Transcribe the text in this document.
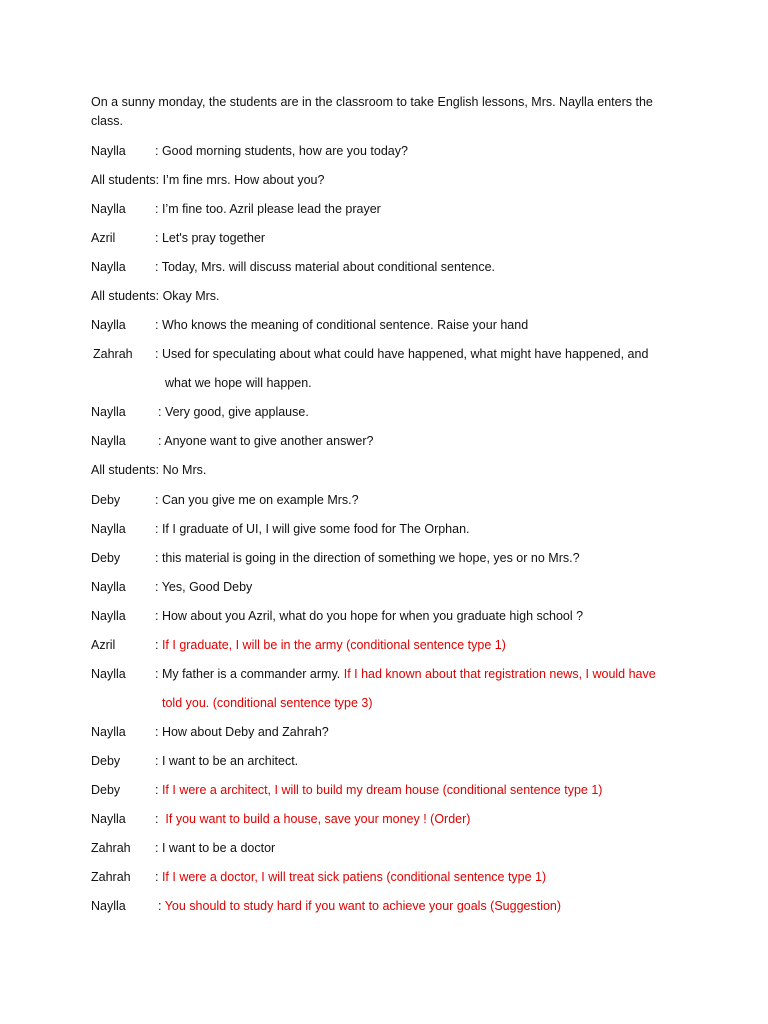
On a sunny monday, the students are in the classroom to take English lessons, Mrs. Naylla enters the class.
Naylla : Good morning students, how are you today?
All students: I’m fine mrs. How about you?
Naylla : I’m fine too. Azril please lead the prayer
Azril	: Let's pray together
Naylla : Today, Mrs. will discuss material about conditional sentence.
All students: Okay Mrs.
Naylla : Who knows the meaning of conditional sentence. Raise your hand
Zahrah : Used for speculating about what could have happened, what might have happened, and
Naylla	: Very good, give applause.
Naylla	: Anyone want to give another answer?
All students: No Mrs.
Deby	: Can you give me on example Mrs.?
Naylla : If I graduate of UI, I will give some food for The Orphan.
Deby	: this material is going in the direction of something we hope, yes or no Mrs.?
Naylla : Yes, Good Deby
Naylla : How about you Azril, what do you hope for when you graduate high school ?
Azril	: If I graduate, I will be in the army (conditional sentence type 1)
Naylla : My father is a commander army. If I had known about that registration news, I would have
Naylla : How about Deby and Zahrah?
Deby	: I want to be an architect.
Deby	: If I were a architect, I will to build my dream house (conditional sentence type 1)
Naylla :  If you want to build a house, save your money ! (Order)
Zahrah : I want to be a doctor
Zahrah : If I were a doctor, I will treat sick patiens (conditional sentence type 1)
Naylla	: You should to study hard if you want to achieve your goals (Suggestion)
what we hope will happen.
told you. (conditional sentence type 3)
